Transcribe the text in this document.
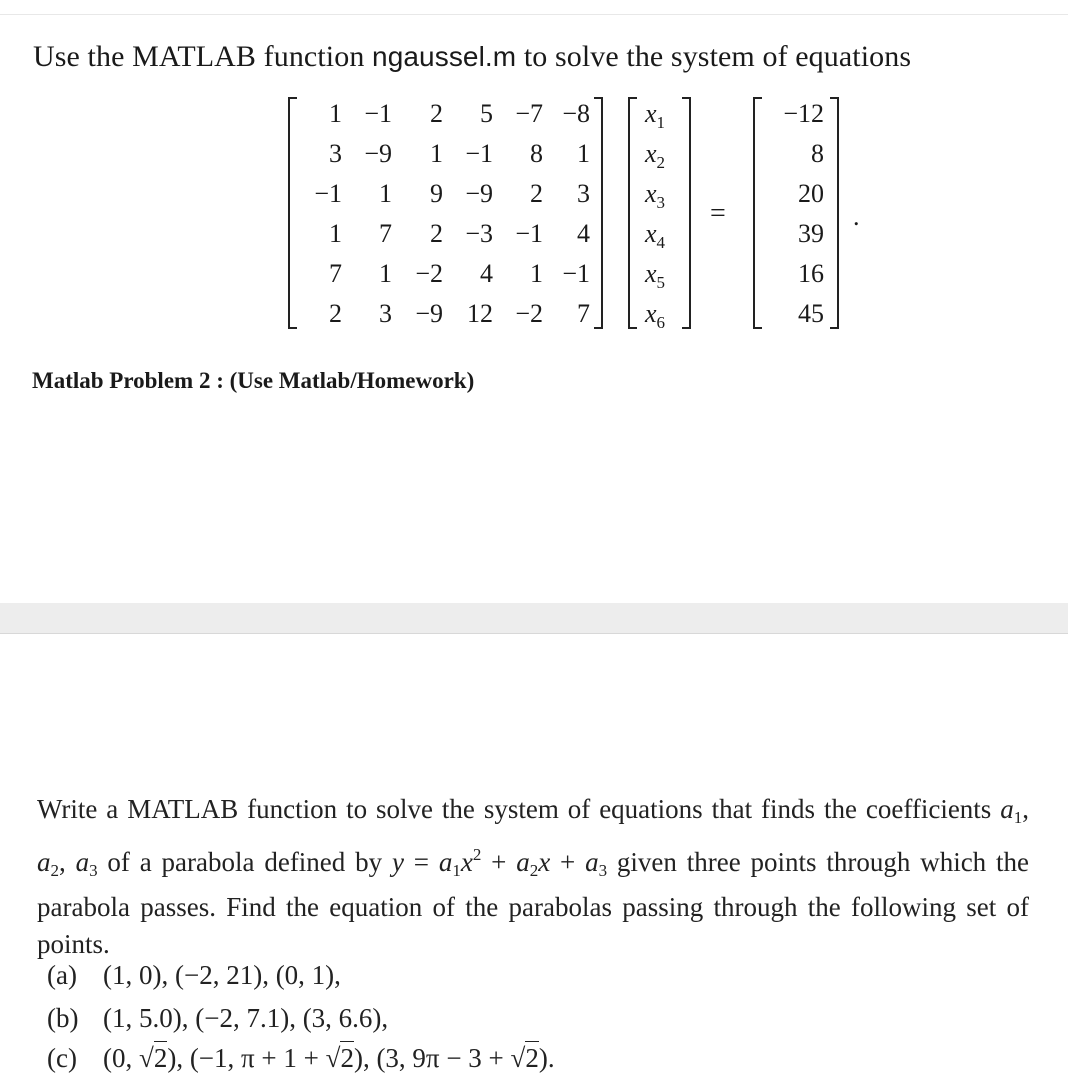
Use the MATLAB function ngaussel.m to solve the system of equations
1 −1 2 5 −7 −8
3 −9 1 −1 8 1
−1 1 9 −9 2 3
1 7 2 −3 −1 4
7 1 −2 4 1 −1
2 3 −9 12 −2 7
$x_1$
$x_2$
$x_3$
$x_4$
$x_5$
$x_6$
=
−12
8
20
39
16
45
.
Matlab Problem 2 : (Use Matlab/Homework)
Write a MATLAB function to solve the system of equations that finds the coefficients $a_1$, $a_2$, $a_3$ of a parabola defined by $y = a_1x^2 + a_2x + a_3$ given three points through which the parabola passes. Find the equation of the parabolas passing through the following set of points.
(a) (1, 0), (−2, 21), (0, 1),
(b) (1, 5.0), (−2, 7.1), (3, 6.6),
(c) (0, √2), (−1, π + 1 + √2), (3, 9π − 3 + √2).
